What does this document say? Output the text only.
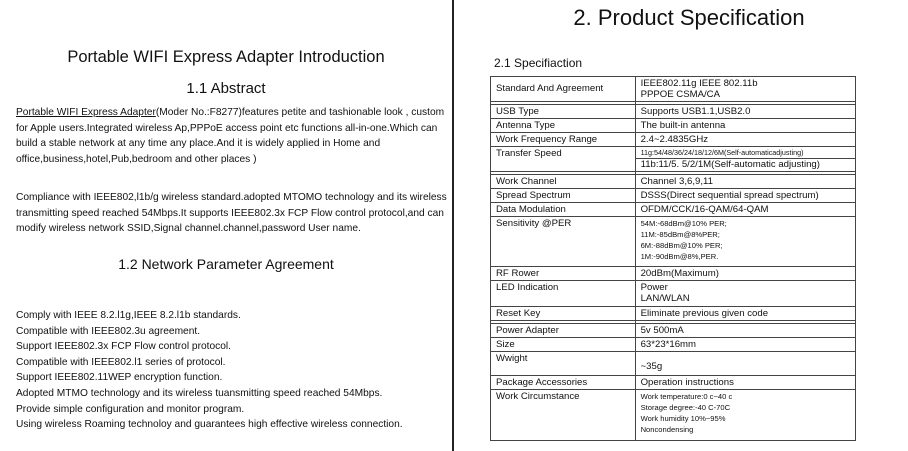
Portable WIFI Express Adapter Introduction
1.1 Abstract

Portable WIFI Express Adapter(Moder No.:F8277)features petite and tashionable look , custom for Apple users.Integrated wireless Ap,PPPoE access point etc functions all-in-one.Which can build a stable network at any time any place.And it is widely applied in Home and office,business,hotel,Pub,bedroom and other places )

Compliance with IEEE802,l1b/g wireless standard.adopted MTOMO technology and its wireless transmitting speed reached 54Mbps.It supports IEEE802.3x FCP Flow control protocol,and can modify wireless network SSID,Signal channel.channel,password User name.

1.2 Network Parameter Agreement
Comply with IEEE 8.2.l1g,IEEE 8.2.l1b standards.
Compatible with IEEE802.3u agreement.
Support IEEE802.3x FCP Flow control protocol.
Compatible with IEEE802.l1 series of protocol.
Support IEEE802.11WEP encryption function.
Adopted MTMO technology and its wireless tuansmitting speed reached 54Mbps.
Provide simple configuration and monitor program.
Using wireless Roaming technoloy and guarantees high effective wireless connection.
2. Product Specification
2.1 Specifiaction
Standard And Agreement	IEEE802.11g IEEE 802.11b
PPPOE CSMA/CA

USB Type	Supports USB1.1,USB2.0
Antenna Type	The built-in antenna
Work Frequency Range	2.4~2.4835GHz
Transfer Speed	11g:54/48/36/24/18/12/6M(Self-automaticadjusting)
11b:11/5. 5/2/1M(Self-automatic adjusting)

Work Channel	Channel 3,6,9,11
Spread Spectrum	DSSS(Direct sequential spread spectrum)
Data Modulation	OFDM/CCK/16-QAM/64-QAM
Sensitivity @PER	54M:-68dBm@10% PER;
11M:-85dBm@8%PER;
6M:-88dBm@10% PER;
1M:-90dBm@8%,PER.

RF Rower	20dBm(Maximum)
LED Indication	Power
LAN/WLAN

Reset Key	Eliminate previous given code

Power Adapter	5v 500mA
Size	63*23*16mm
Wwight	~35g
Package Accessories	Operation instructions
Work Circumstance	Work temperature:0 c~40 c
Storage degree:-40 C-70C
Work humidity 10%~95%
Noncondensing
